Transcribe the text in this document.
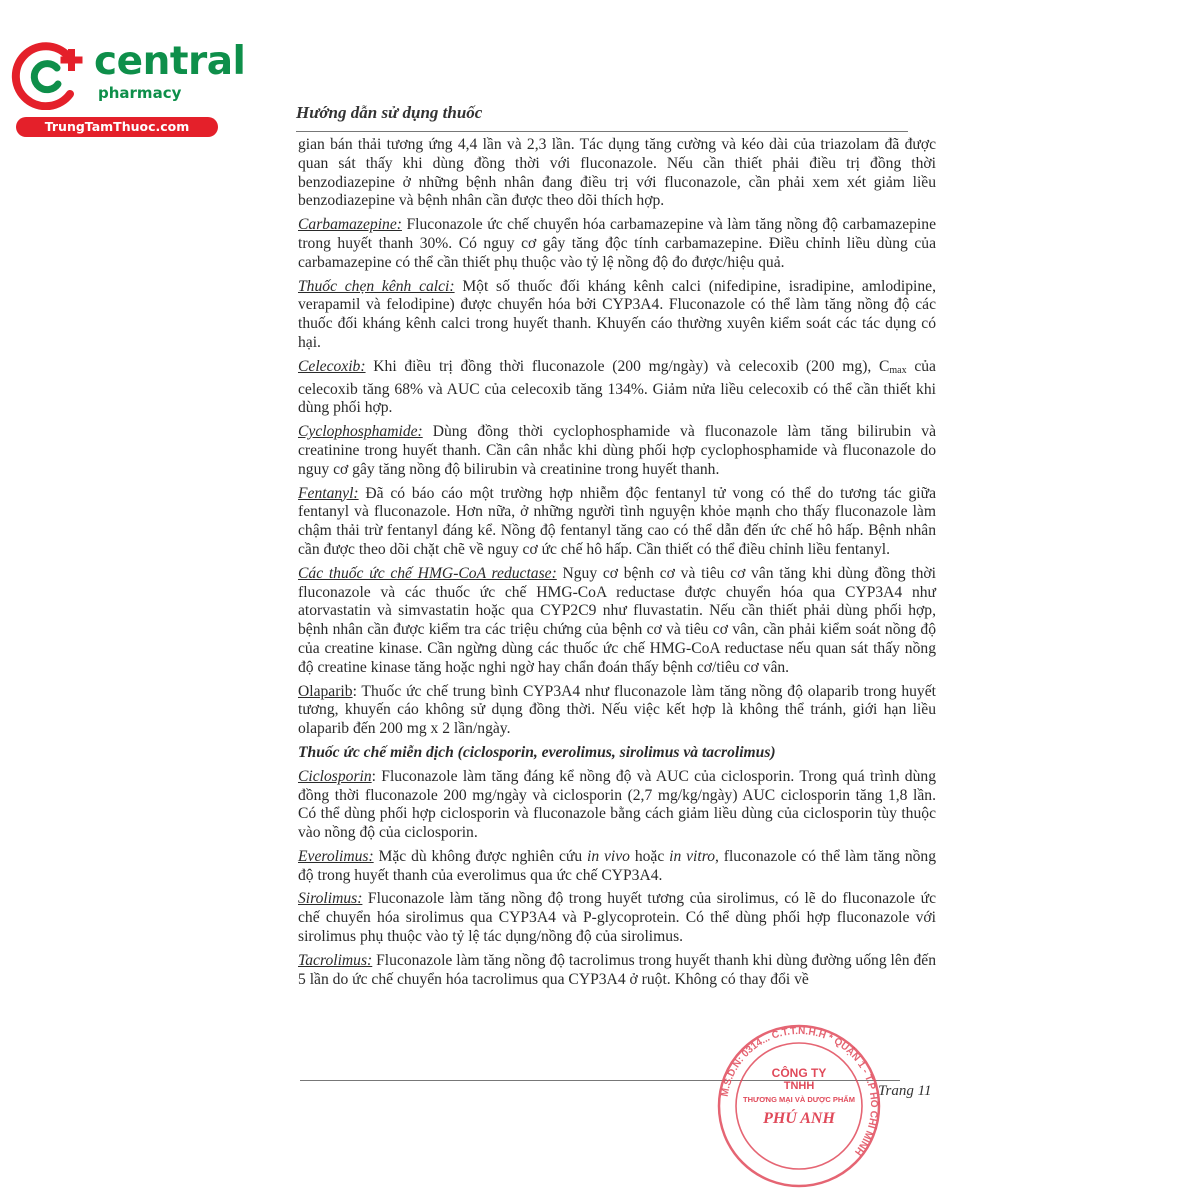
central
pharmacy
TrungTamThuoc.com
Hướng dẫn sử dụng thuốc

gian bán thải tương ứng 4,4 lần và 2,3 lần. Tác dụng tăng cường và kéo dài của triazolam đã được quan sát thấy khi dùng đồng thời với fluconazole. Nếu cần thiết phải điều trị đồng thời benzodiazepine ở những bệnh nhân đang điều trị với fluconazole, cần phải xem xét giảm liều benzodiazepine và bệnh nhân cần được theo dõi thích hợp.

Carbamazepine: Fluconazole ức chế chuyển hóa carbamazepine và làm tăng nồng độ carbamazepine trong huyết thanh 30%. Có nguy cơ gây tăng độc tính carbamazepine. Điều chỉnh liều dùng của carbamazepine có thể cần thiết phụ thuộc vào tỷ lệ nồng độ đo được/hiệu quả.

Thuốc chẹn kênh calci: Một số thuốc đối kháng kênh calci (nifedipine, isradipine, amlodipine, verapamil và felodipine) được chuyển hóa bởi CYP3A4. Fluconazole có thể làm tăng nồng độ các thuốc đối kháng kênh calci trong huyết thanh. Khuyến cáo thường xuyên kiểm soát các tác dụng có hại.

Celecoxib: Khi điều trị đồng thời fluconazole (200 mg/ngày) và celecoxib (200 mg), $C_{max}$ của celecoxib tăng 68% và AUC của celecoxib tăng 134%. Giảm nửa liều celecoxib có thể cần thiết khi dùng phối hợp.

Cyclophosphamide: Dùng đồng thời cyclophosphamide và fluconazole làm tăng bilirubin và creatinine trong huyết thanh. Cần cân nhắc khi dùng phối hợp cyclophosphamide và fluconazole do nguy cơ gây tăng nồng độ bilirubin và creatinine trong huyết thanh.

Fentanyl: Đã có báo cáo một trường hợp nhiễm độc fentanyl tử vong có thể do tương tác giữa fentanyl và fluconazole. Hơn nữa, ở những người tình nguyện khỏe mạnh cho thấy fluconazole làm chậm thải trừ fentanyl đáng kể. Nồng độ fentanyl tăng cao có thể dẫn đến ức chế hô hấp. Bệnh nhân cần được theo dõi chặt chẽ về nguy cơ ức chế hô hấp. Cần thiết có thể điều chỉnh liều fentanyl.

Các thuốc ức chế HMG-CoA reductase: Nguy cơ bệnh cơ và tiêu cơ vân tăng khi dùng đồng thời fluconazole và các thuốc ức chế HMG-CoA reductase được chuyển hóa qua CYP3A4 như atorvastatin và simvastatin hoặc qua CYP2C9 như fluvastatin. Nếu cần thiết phải dùng phối hợp, bệnh nhân cần được kiểm tra các triệu chứng của bệnh cơ và tiêu cơ vân, cần phải kiểm soát nồng độ của creatine kinase. Cần ngừng dùng các thuốc ức chế HMG-CoA reductase nếu quan sát thấy nồng độ creatine kinase tăng hoặc nghi ngờ hay chẩn đoán thấy bệnh cơ/tiêu cơ vân.

Olaparib: Thuốc ức chế trung bình CYP3A4 như fluconazole làm tăng nồng độ olaparib trong huyết tương, khuyến cáo không sử dụng đồng thời. Nếu việc kết hợp là không thể tránh, giới hạn liều olaparib đến 200 mg x 2 lần/ngày.

Thuốc ức chế miễn dịch (ciclosporin, everolimus, sirolimus và tacrolimus)

Ciclosporin: Fluconazole làm tăng đáng kể nồng độ và AUC của ciclosporin. Trong quá trình dùng đồng thời fluconazole 200 mg/ngày và ciclosporin (2,7 mg/kg/ngày) AUC ciclosporin tăng 1,8 lần. Có thể dùng phối hợp ciclosporin và fluconazole bằng cách giảm liều dùng của ciclosporin tùy thuộc vào nồng độ của ciclosporin.

Everolimus: Mặc dù không được nghiên cứu in vivo hoặc in vitro, fluconazole có thể làm tăng nồng độ trong huyết thanh của everolimus qua ức chế CYP3A4.

Sirolimus: Fluconazole làm tăng nồng độ trong huyết tương của sirolimus, có lẽ do fluconazole ức chế chuyển hóa sirolimus qua CYP3A4 và P-glycoprotein. Có thể dùng phối hợp fluconazole với sirolimus phụ thuộc vào tỷ lệ tác dụng/nồng độ của sirolimus.

Tacrolimus: Fluconazole làm tăng nồng độ tacrolimus trong huyết thanh khi dùng đường uống lên đến 5 lần do ức chế chuyển hóa tacrolimus qua CYP3A4 ở ruột. Không có thay đổi về

Trang 11
M.S.D.N: 0314... C.T.T.N.H.H * QUẬN 1 - T.P HỒ CHÍ MINH
CÔNG TY
TNHH
THƯƠNG MẠI VÀ DƯỢC PHẨM
PHÚ ANH
